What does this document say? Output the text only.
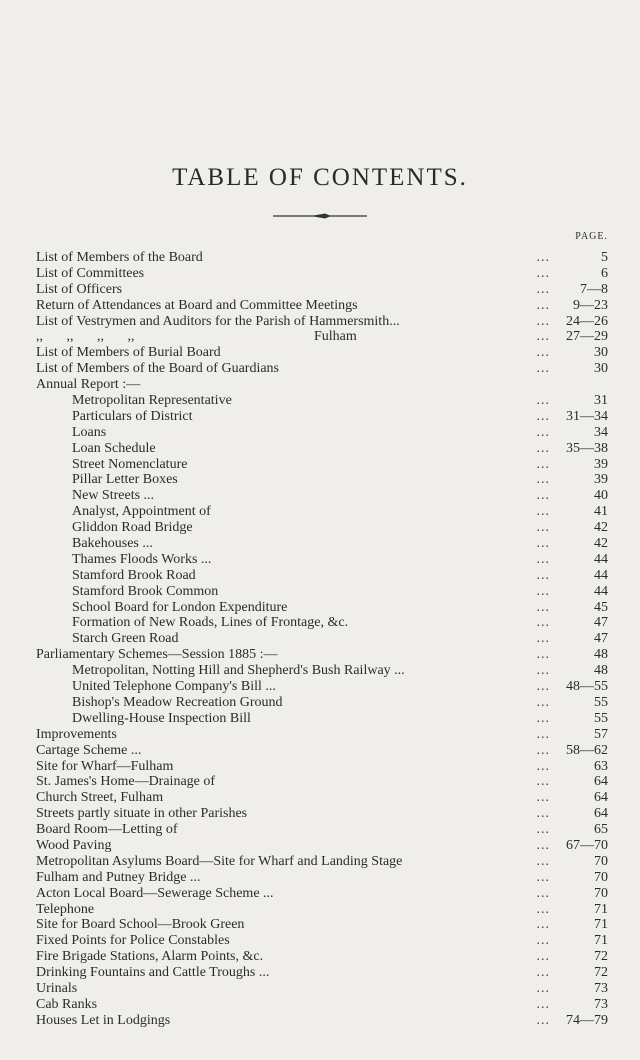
TABLE OF CONTENTS.
PAGE.
List of Members of the Board	...	5
List of Committees	...	6
List of Officers	... 7—8
Return of Attendances at Board and Committee Meetings	... 9—23
List of Vestrymen and Auditors for the Parish of Hammersmith...	... 24—26
,, ,, ,, ,,	Fulham	... 27—29
List of Members of Burial Board	...	30
List of Members of the Board of Guardians	...	30
Annual Report :—
Metropolitan Representative	...	31
Particulars of District	... 31—34
Loans	...	34
Loan Schedule	... 35—38
Street Nomenclature	...	39
Pillar Letter Boxes	...	39
New Streets ...	...	40
Analyst, Appointment of	...	41
Gliddon Road Bridge	...	42
Bakehouses ...	...	42
Thames Floods Works ...	...	44
Stamford Brook Road	...	44
Stamford Brook Common	...	44
School Board for London Expenditure	...	45
Formation of New Roads, Lines of Frontage, &c.	...	47
Starch Green Road	...	47
Parliamentary Schemes—Session 1885 :—	...	48
Metropolitan, Notting Hill and Shepherd's Bush Railway ...	...	48
United Telephone Company's Bill ...	... 48—55
Bishop's Meadow Recreation Ground	...	55
Dwelling-House Inspection Bill	...	55
Improvements	...	57
Cartage Scheme ...	... 58—62
Site for Wharf—Fulham	...	63
St. James's Home—Drainage of	...	64
Church Street, Fulham	...	64
Streets partly situate in other Parishes	...	64
Board Room—Letting of	...	65
Wood Paving	... 67—70
Metropolitan Asylums Board—Site for Wharf and Landing Stage	...	70
Fulham and Putney Bridge ...	...	70
Acton Local Board—Sewerage Scheme ...	...	70
Telephone	...	71
Site for Board School—Brook Green	...	71
Fixed Points for Police Constables	...	71
Fire Brigade Stations, Alarm Points, &c.	...	72
Drinking Fountains and Cattle Troughs ...	...	72
Urinals	...	73
Cab Ranks	...	73
Houses Let in Lodgings	... 74—79
